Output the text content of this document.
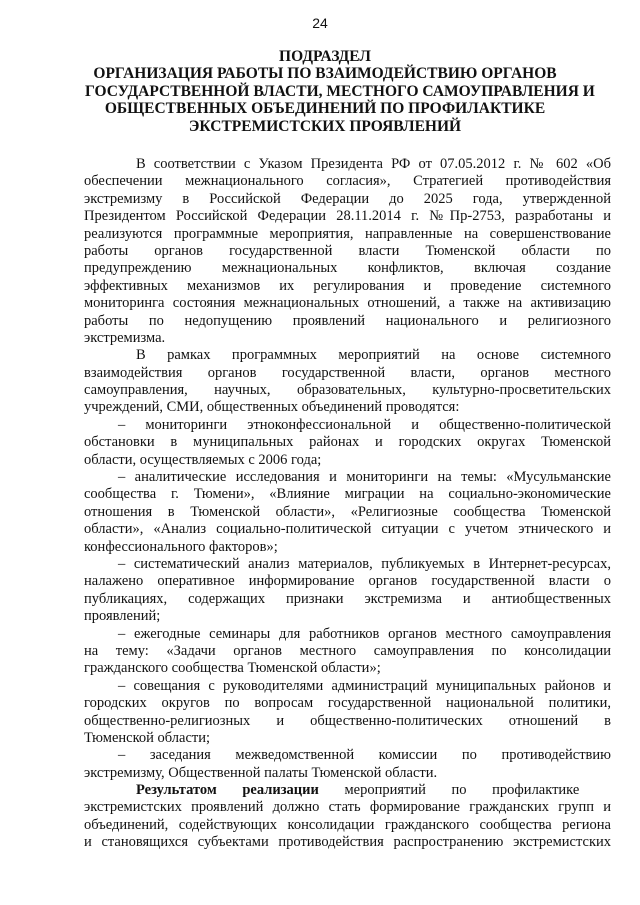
24
ПОДРАЗДЕЛ
ОРГАНИЗАЦИЯ РАБОТЫ ПО ВЗАИМОДЕЙСТВИЮ ОРГАНОВ
ГОСУДАРСТВЕННОЙ ВЛАСТИ, МЕСТНОГО САМОУПРАВЛЕНИЯ И
ОБЩЕСТВЕННЫХ ОБЪЕДИНЕНИЙ ПО ПРОФИЛАКТИКЕ
ЭКСТРЕМИСТСКИХ ПРОЯВЛЕНИЙ
В соответствии с Указом Президента РФ от 07.05.2012 г. № 602 «Об
обеспечении межнационального согласия», Стратегией противодействия
экстремизму в Российской Федерации до 2025 года, утвержденной
Президентом Российской Федерации 28.11.2014 г. №Пр-2753, разработаны и
реализуются программные мероприятия, направленные на совершенствование
работы органов государственной власти Тюменской области по
предупреждению межнациональных конфликтов, включая создание
эффективных механизмов их регулирования и проведение системного
мониторинга состояния межнациональных отношений, а также на активизацию
работы по недопущению проявлений национального и религиозного
экстремизма.
В рамках программных мероприятий на основе системного
взаимодействия органов государственной власти, органов местного
самоуправления, научных, образовательных, культурно-просветительских
учреждений, СМИ, общественных объединений проводятся:
– мониторинги этноконфессиональной и общественно-политической
обстановки в муниципальных районах и городских округах Тюменской
области, осуществляемых с 2006 года;
– аналитические исследования и мониторинги на темы: «Мусульманские
сообщества г. Тюмени», «Влияние миграции на социально-экономические
отношения в Тюменской области», «Религиозные сообщества Тюменской
области», «Анализ социально-политической ситуации с учетом этнического и
конфессионального факторов»;
– систематический анализ материалов, публикуемых в Интернет-ресурсах,
налажено оперативное информирование органов государственной власти о
публикациях, содержащих признаки экстремизма и антиобщественных
проявлений;
– ежегодные семинары для работников органов местного самоуправления
на тему: «Задачи органов местного самоуправления по консолидации
гражданского сообщества Тюменской области»;
– совещания с руководителями администраций муниципальных районов и
городских округов по вопросам государственной национальной политики,
общественно-религиозных и общественно-политических отношений в
Тюменской области;
– заседания межведомственной комиссии по противодействию
экстремизму, Общественной палаты Тюменской области.
Результатом реализации мероприятий по профилактике
экстремистских проявлений должно стать формирование гражданских групп и
объединений, содействующих консолидации гражданского сообщества региона
и становящихся субъектами противодействия распространению экстремистских
